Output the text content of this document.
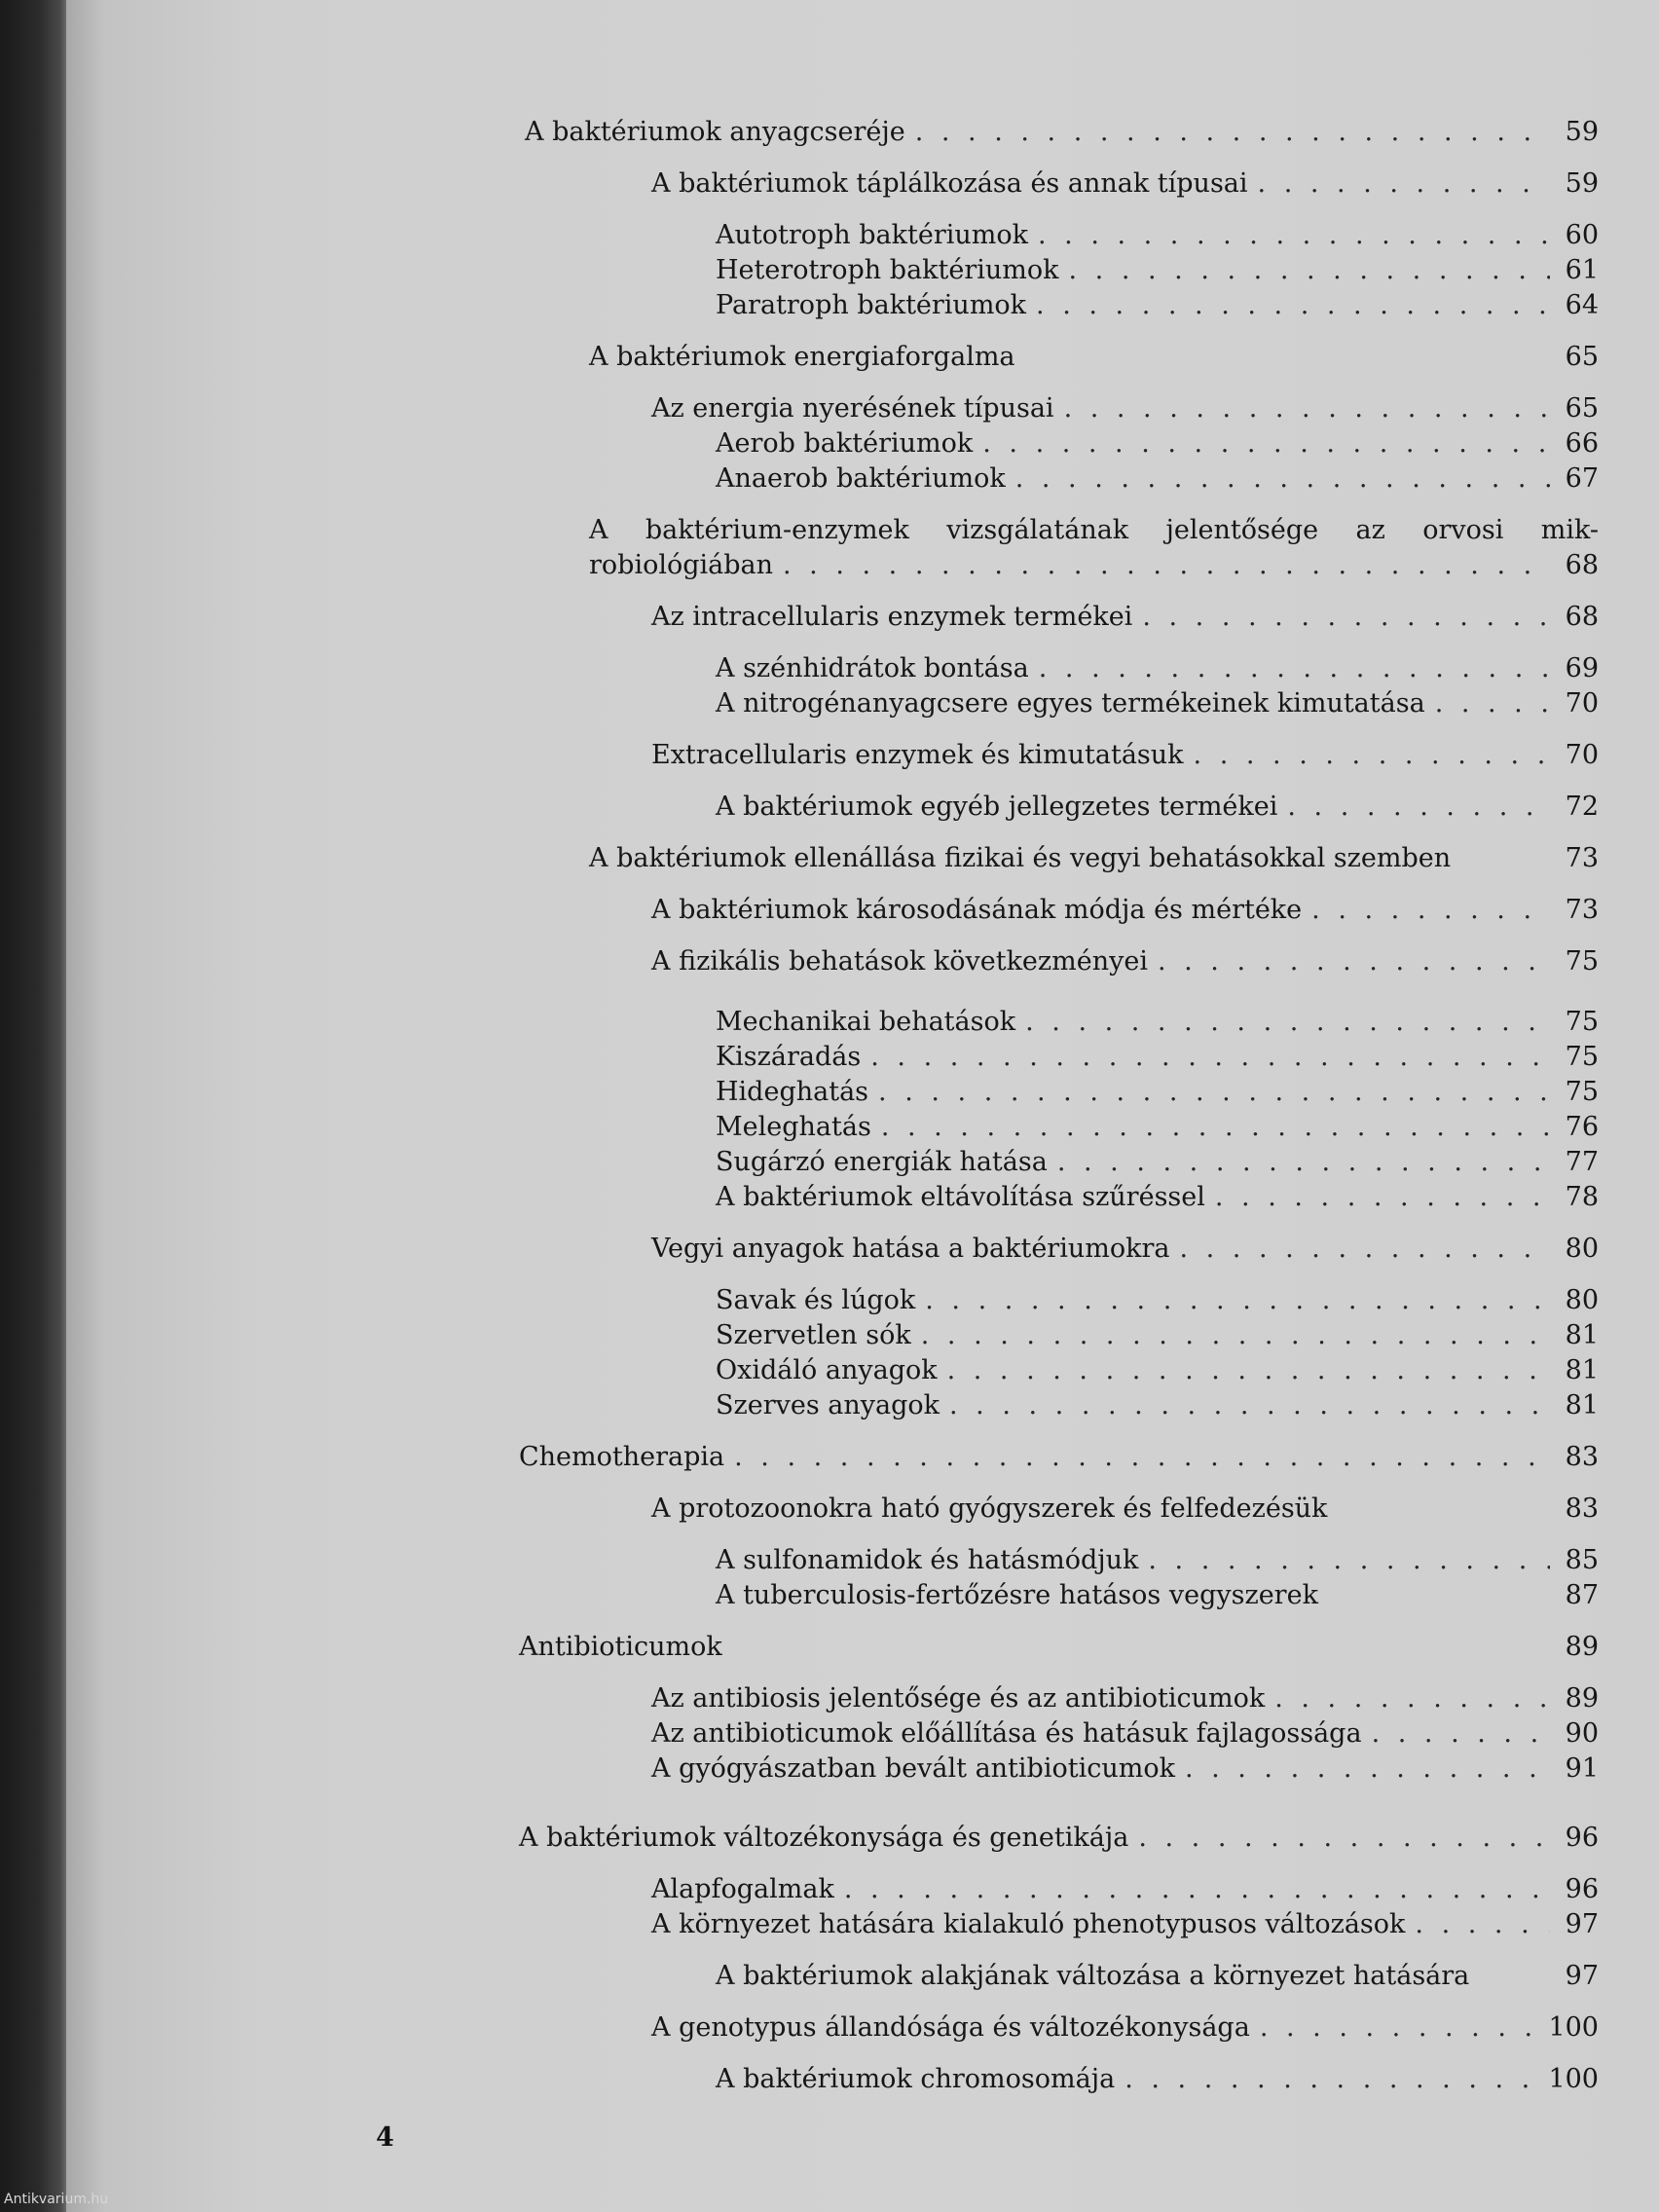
A baktériumok anyagcseréje . . .	59
A baktériumok táplálkozása és annak típusai . . .	59
Autotroph baktériumok . . .	60
Heterotroph baktériumok . . .	61
Paratroph baktériumok . . .	64
A baktériumok energiaforgalma	65
Az energia nyerésének típusai . . .	65
Aerob baktériumok . . .	66
Anaerob baktériumok . . .	67
A baktérium-enzymek vizsgálatának jelentősége az orvosi mik-
robiológiában . . .	68
Az intracellularis enzymek termékei . . .	68
A szénhidrátok bontása . . .	69
A nitrogénanyagcsere egyes termékeinek kimutatása . . .	70
Extracellularis enzymek és kimutatásuk . . .	70
A baktériumok egyéb jellegzetes termékei . . .	72
A baktériumok ellenállása fizikai és vegyi behatásokkal szemben	73
A baktériumok károsodásának módja és mértéke . . .	73
A fizikális behatások következményei . . .	75
Mechanikai behatások . . .	75
Kiszáradás . . .	75
Hideghatás . . .	75
Meleghatás . . .	76
Sugárzó energiák hatása . . .	77
A baktériumok eltávolítása szűréssel . . .	78
Vegyi anyagok hatása a baktériumokra . . .	80
Savak és lúgok . . .	80
Szervetlen sók . . .	81
Oxidáló anyagok . . .	81
Szerves anyagok . . .	81
Chemotherapia . . .	83
A protozoonokra ható gyógyszerek és felfedezésük	83
A sulfonamidok és hatásmódjuk . . .	85
A tuberculosis-fertőzésre hatásos vegyszerek	87
Antibioticumok	89
Az antibiosis jelentősége és az antibioticumok . . .	89
Az antibioticumok előállítása és hatásuk fajlagossága . . .	90
A gyógyászatban bevált antibioticumok . . .	91
A baktériumok változékonysága és genetikája . . .	96
Alapfogalmak . . .	96
A környezet hatására kialakuló phenotypusos változások . . .	97
A baktériumok alakjának változása a környezet hatására	97
A genotypus állandósága és változékonysága . . .	100
A baktériumok chromosomája . . .	100
4
Antikvarium.hu
